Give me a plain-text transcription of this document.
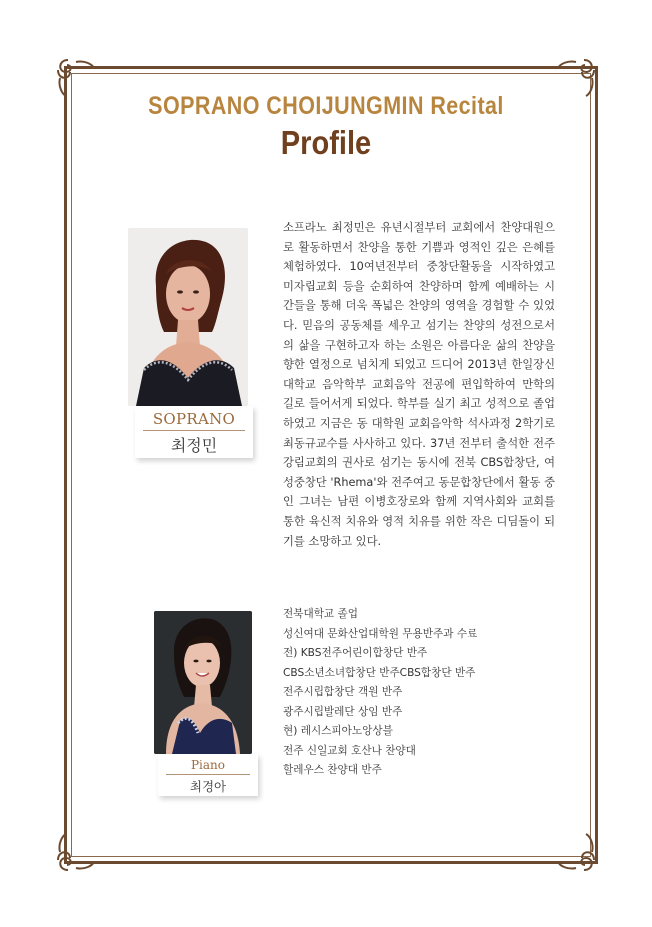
SOPRANO CHOIJUNGMIN Recital
Profile
SOPRANO
최정민

소프라노 최정민은 유년시절부터 교회에서 찬양대원으로 활동하면서 찬양을 통한 기쁨과 영적인 깊은 은혜를 체험하였다. 10여년전부터 중창단활동을 시작하였고 미자립교회 등을 순회하여 찬양하며 함께 예배하는 시간들을 통해 더욱 폭넓은 찬양의 영역을 경험할 수 있었다. 믿음의 공동체를 세우고 섬기는 찬양의 성전으로서의 삶을 구현하고자 하는 소원은 아름다운 삶의 찬양을 향한 열정으로 넘치게 되었고 드디어 2013년 한일장신대학교 음악학부 교회음악 전공에 편입학하여 만학의 길로 들어서게 되었다. 학부를 실기 최고 성적으로 졸업하였고 지금은 동 대학원 교회음악학 석사과정 2학기로 최동규교수를 사사하고 있다. 37년 전부터 출석한 전주 강림교회의 권사로 섬기는 동시에 전북 CBS합창단, 여성중창단 'Rhema'와 전주여고 동문합창단에서 활동 중인 그녀는 남편 이병호장로와 함께 지역사회와 교회를 통한 육신적 치유와 영적 치유를 위한 작은 디딤돌이 되기를 소망하고 있다.

Piano
최경아
전북대학교 졸업
성신여대 문화산업대학원 무용반주과 수료
전) KBS전주어린이합창단 반주
CBS소년소녀합창단 반주CBS합창단 반주
전주시립합창단 객원 반주
광주시립발레단 상임 반주
현) 레시스피아노앙상블
전주 신일교회 호산나 찬양대
할레우스 찬양대 반주
